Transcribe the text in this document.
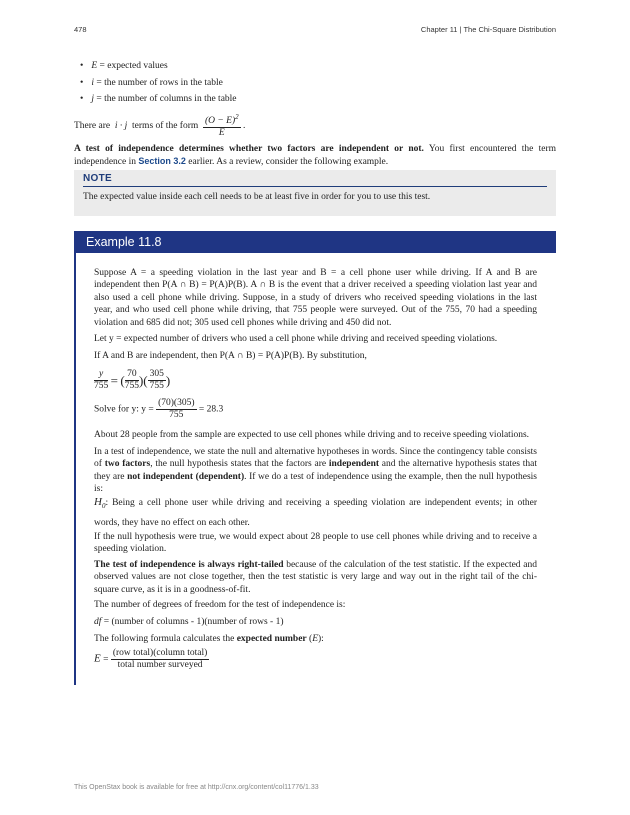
478	Chapter 11 | The Chi-Square Distribution
• E = expected values
• i = the number of rows in the table
• j = the number of columns in the table
There are i · j terms of the form $\frac{(O - E)^2}{E}$ .

A test of independence determines whether two factors are independent or not. You first encountered the term independence in Section 3.2 earlier. As a review, consider the following example.

NOTE
The expected value inside each cell needs to be at least five in order for you to use this test.
Example 11.8

Suppose A = a speeding violation in the last year and B = a cell phone user while driving. If A and B are independent then P(A ∩ B) = P(A)P(B). A ∩ B is the event that a driver received a speeding violation last year and also used a cell phone while driving. Suppose, in a study of drivers who received speeding violations in the last year, and who used cell phone while driving, that 755 people were surveyed. Out of the 755, 70 had a speeding violation and 685 did not; 305 used cell phones while driving and 450 did not.

Let y = expected number of drivers who used a cell phone while driving and received speeding violations.

If A and B are independent, then P(A ∩ B) = P(A)P(B). By substitution,

$\frac{y}{755}$ = ( $\frac{70}{755}$ )( $\frac{305}{755}$ )
Solve for y: $y = \frac{(70)(305)}{755} = 28.3$

About 28 people from the sample are expected to use cell phones while driving and to receive speeding violations.

In a test of independence, we state the null and alternative hypotheses in words. Since the contingency table consists of two factors, the null hypothesis states that the factors are independent and the alternative hypothesis states that they are not independent (dependent). If we do a test of independence using the example, then the null hypothesis is:

$H_0$: Being a cell phone user while driving and receiving a speeding violation are independent events; in other words, they have no effect on each other.

If the null hypothesis were true, we would expect about 28 people to use cell phones while driving and to receive a speeding violation.

The test of independence is always right-tailed because of the calculation of the test statistic. If the expected and observed values are not close together, then the test statistic is very large and way out in the right tail of the chi-square curve, as it is in a goodness-of-fit.

The number of degrees of freedom for the test of independence is:

df = (number of columns - 1)(number of rows - 1)

The following formula calculates the expected number (E):

$E = \frac{\text{(row total)(column total)}}{\text{total number surveyed}}$
This OpenStax book is available for free at http://cnx.org/content/col11776/1.33
